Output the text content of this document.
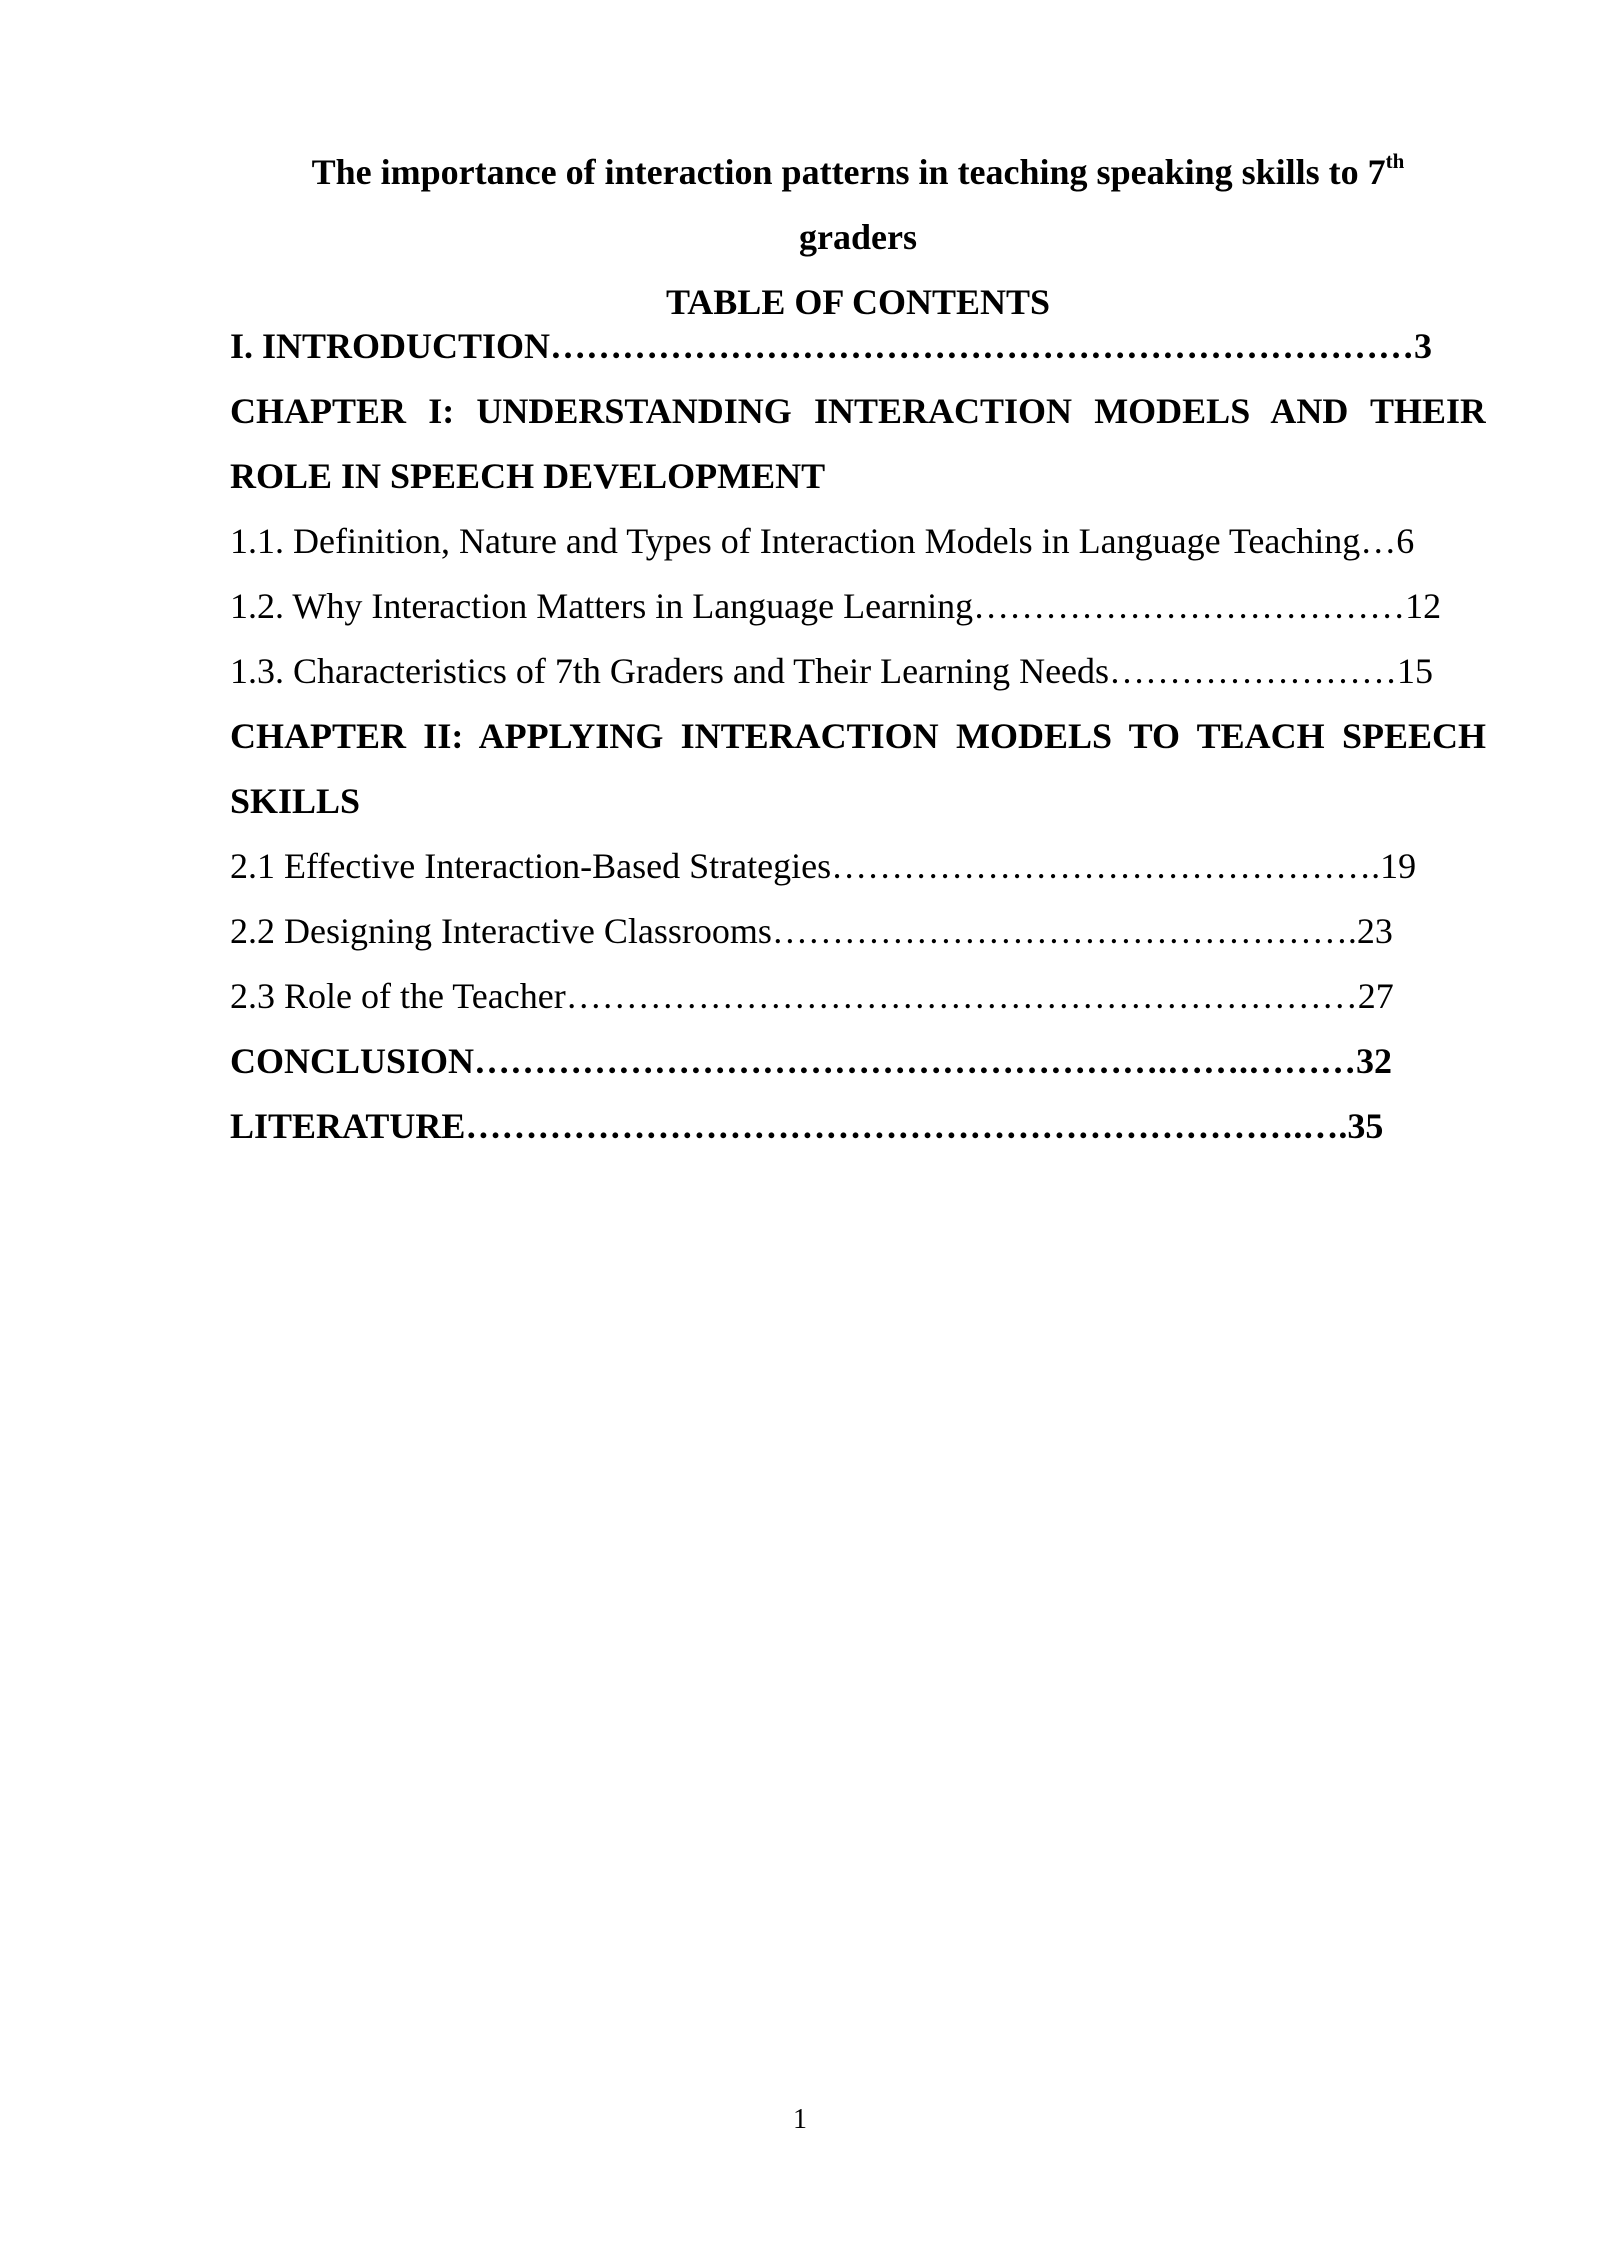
The importance of interaction patterns in teaching speaking skills to 7th
graders
TABLE OF CONTENTS
I. INTRODUCTION………………………………………………………………3
CHAPTER I: UNDERSTANDING INTERACTION MODELS AND THEIR
ROLE IN SPEECH DEVELOPMENT
1.1. Definition, Nature and Types of Interaction Models in Language Teaching…6
1.2. Why Interaction Matters in Language Learning………………………………12
1.3. Characteristics of 7th Graders and Their Learning Needs……………………15
CHAPTER II: APPLYING INTERACTION MODELS TO TEACH SPEECH
SKILLS
2.1 Effective Interaction-Based Strategies……………………………………….19
2.2 Designing Interactive Classrooms………………………………………….23
2.3 Role of the Teacher…………………………………………………………27
CONCLUSION………………………………………………….…….………32
LITERATURE…………………………………………………………….….35
1
